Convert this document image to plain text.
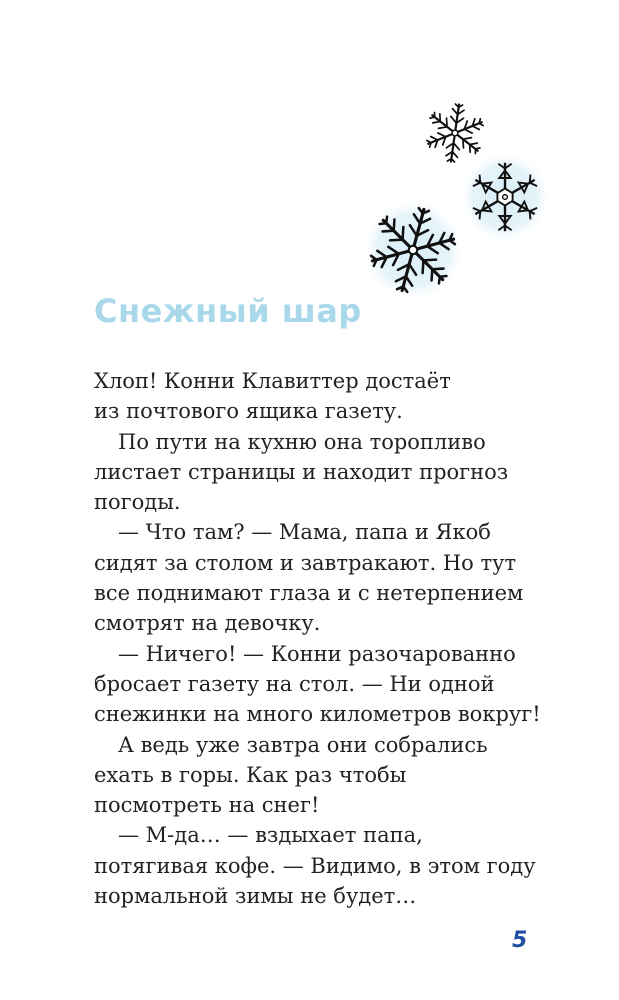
Снежный шар
Хлоп! Конни Клавиттер достаёт
из почтового ящика газету.
По пути на кухню она торопливо
листает страницы и находит прогноз
погоды.
— Что там? — Мама, папа и Якоб
сидят за столом и завтракают. Но тут
все поднимают глаза и с нетерпением
смотрят на девочку.
— Ничего! — Конни разочарованно
бросает газету на стол. — Ни одной
снежинки на много километров вокруг!
А ведь уже завтра они собрались
ехать в горы. Как раз чтобы
посмотреть на снег!
— М-да… — вздыхает папа,
потягивая кофе. — Видимо, в этом году
нормальной зимы не будет…
5
